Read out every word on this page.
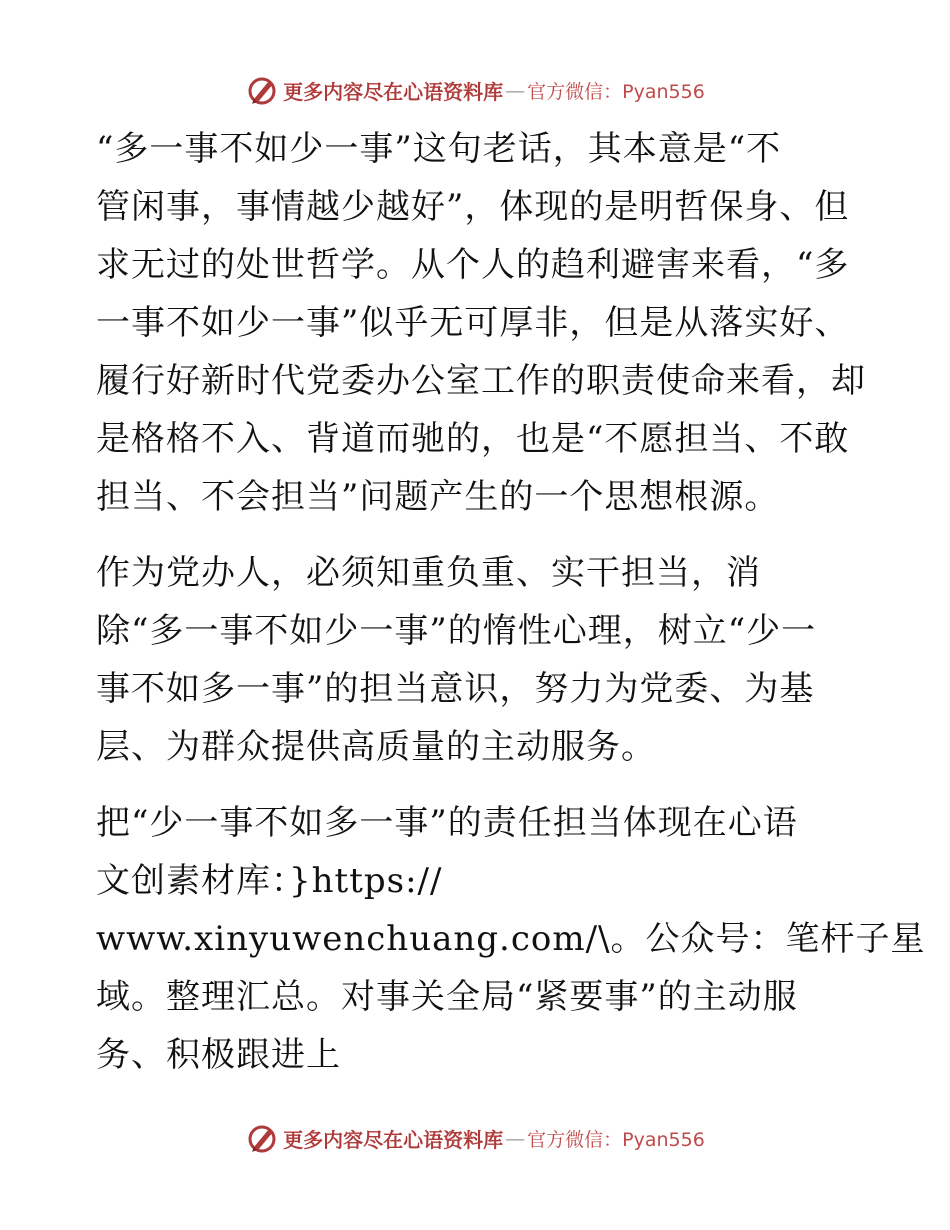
更多内容尽在心语资料库 — 官方微信：Pyan556

“多一事不如少一事”这句老话，其本意是“不
管闲事，事情越少越好”，体现的是明哲保身、但
求无过的处世哲学。从个人的趋利避害来看，“多
一事不如少一事”似乎无可厚非，但是从落实好、
履行好新时代党委办公室工作的职责使命来看，却
是格格不入、背道而驰的，也是“不愿担当、不敢
担当、不会担当”问题产生的一个思想根源。

作为党办人，必须知重负重、实干担当，消
除“多一事不如少一事”的惰性心理，树立“少一
事不如多一事”的担当意识，努力为党委、为基
层、为群众提供高质量的主动服务。

把“少一事不如多一事”的责任担当体现在心语
文创素材库：}https://
www.xinyuwenchuang.com/\。公众号：笔杆子星
域。整理汇总。对事关全局“紧要事”的主动服
务、积极跟进上

更多内容尽在心语资料库 — 官方微信：Pyan556
